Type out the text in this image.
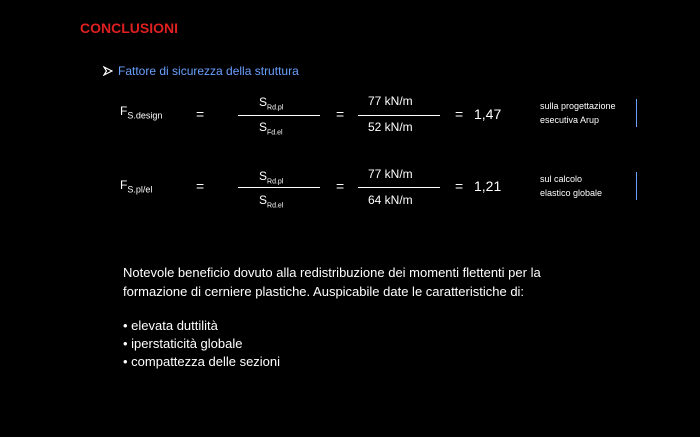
CONCLUSIONI
Fattore di sicurezza della struttura
$F_{S.design}$ =
$S_{Rd.pl}$
$S_{Fd.el}$
=
77 kN/m
52 kN/m
= 1,47	sulla progettazione
esecutiva Arup
$F_{S.pl/el}$	=
$S_{Rd.pl}$
$S_{Rd.el}$
=
77 kN/m
64 kN/m
= 1,21	sul calcolo
elastico globale
Notevole beneficio dovuto alla redistribuzione dei momenti flettenti per la formazione di cerniere plastiche. Auspicabile date le caratteristiche di:
• elevata duttilità
• iperstaticità globale
• compattezza delle sezioni
